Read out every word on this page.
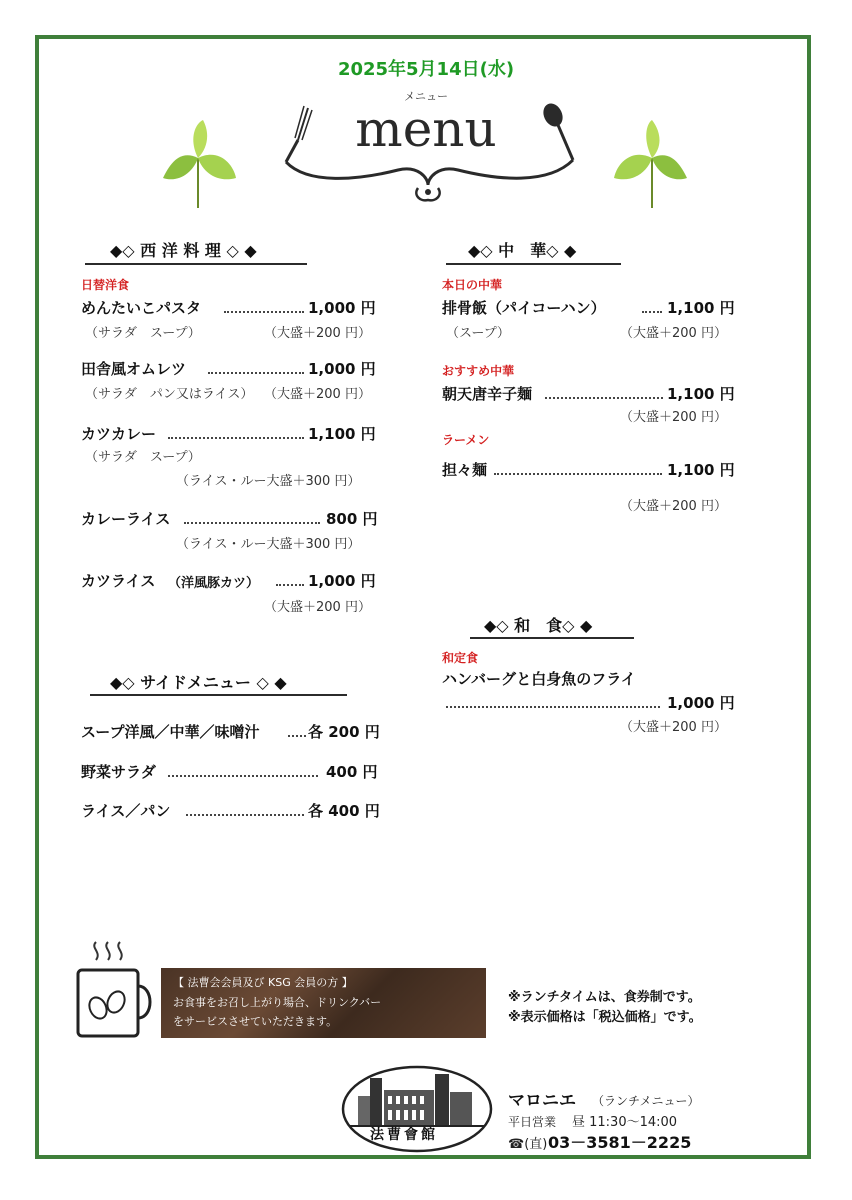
2025年5月14日(水)
メニュー
menu
◆◇ 西 洋 料 理 ◇ ◆
日替洋食
めんたいこパスタ	1,000 円
（サラダ　スープ）	（大盛＋200 円）
田舎風オムレツ	1,000 円
（サラダ　パン又はライス） （大盛＋200 円）
カツカレー	1,100 円
（サラダ　スープ）
（ライス・ルー大盛＋300 円）
カレーライス	800 円
（ライス・ルー大盛＋300 円）
カツライス （洋風豚カツ）	1,000 円
（大盛＋200 円）
◆◇ サイドメニュー ◇ ◆
スープ洋風／中華／味噌汁	各 200 円
野菜サラダ	400 円
ライス／パン	各 400 円
◆◇ 中　華◇ ◆
本日の中華
排骨飯（パイコーハン）	1,100 円
（スープ）	（大盛＋200 円）
おすすめ中華
朝天唐辛子麺	1,100 円
（大盛＋200 円）
ラーメン
担々麺	1,100 円
（大盛＋200 円）
◆◇ 和　食◇ ◆
和定食
ハンバーグと白身魚のフライ
1,000 円
（大盛＋200 円）
【 法曹会会員及び KSG 会員の方 】
お食事をお召し上がり場合、ドリンクバー
をサービスさせていただきます。
※ランチタイムは、食券制です。
※表示価格は「税込価格」です。
法曹會館
マロニエ （ランチメニュー）
平日営業 昼 11:30～14:00
☎(直) 03－3581－2225
